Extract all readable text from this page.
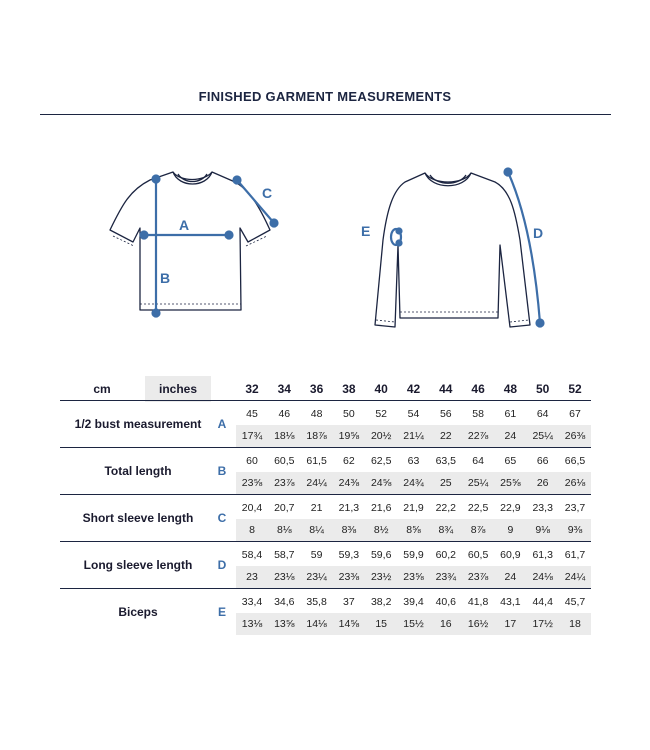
FINISHED GARMENT MEASUREMENTS
A
B
C
E	D
cm	inches	32	34	36	38	40	42	44	46	48	50	52
1/2 bust measurement	A
45	46	48	50	52	54	56	58	61	64	67
17¾	18⅛	18⅞	19⅝	20½	21¼	22	22⅞	24	25¼	26⅜
Total length	B
60	60,5	61,5	62	62,5	63	63,5	64	65	66	66,5
23⅝	23⅞	24¼	24⅜	24⅝	24¾	25	25¼	25⅝	26	26⅛
Short sleeve length	C
20,4	20,7	21	21,3	21,6	21,9	22,2	22,5	22,9	23,3	23,7
8	8⅛	8¼	8⅜	8½	8⅝	8¾	8⅞	9	9⅛	9⅜
Long sleeve length	D
58,4	58,7	59	59,3	59,6	59,9	60,2	60,5	60,9	61,3	61,7
23	23⅛	23¼	23⅜	23½	23⅝	23¾	23⅞	24	24⅛	24¼
Biceps	E
33,4	34,6	35,8	37	38,2	39,4	40,6	41,8	43,1	44,4	45,7
13⅛	13⅝	14⅛	14⅝	15	15½	16	16½	17	17½	18
